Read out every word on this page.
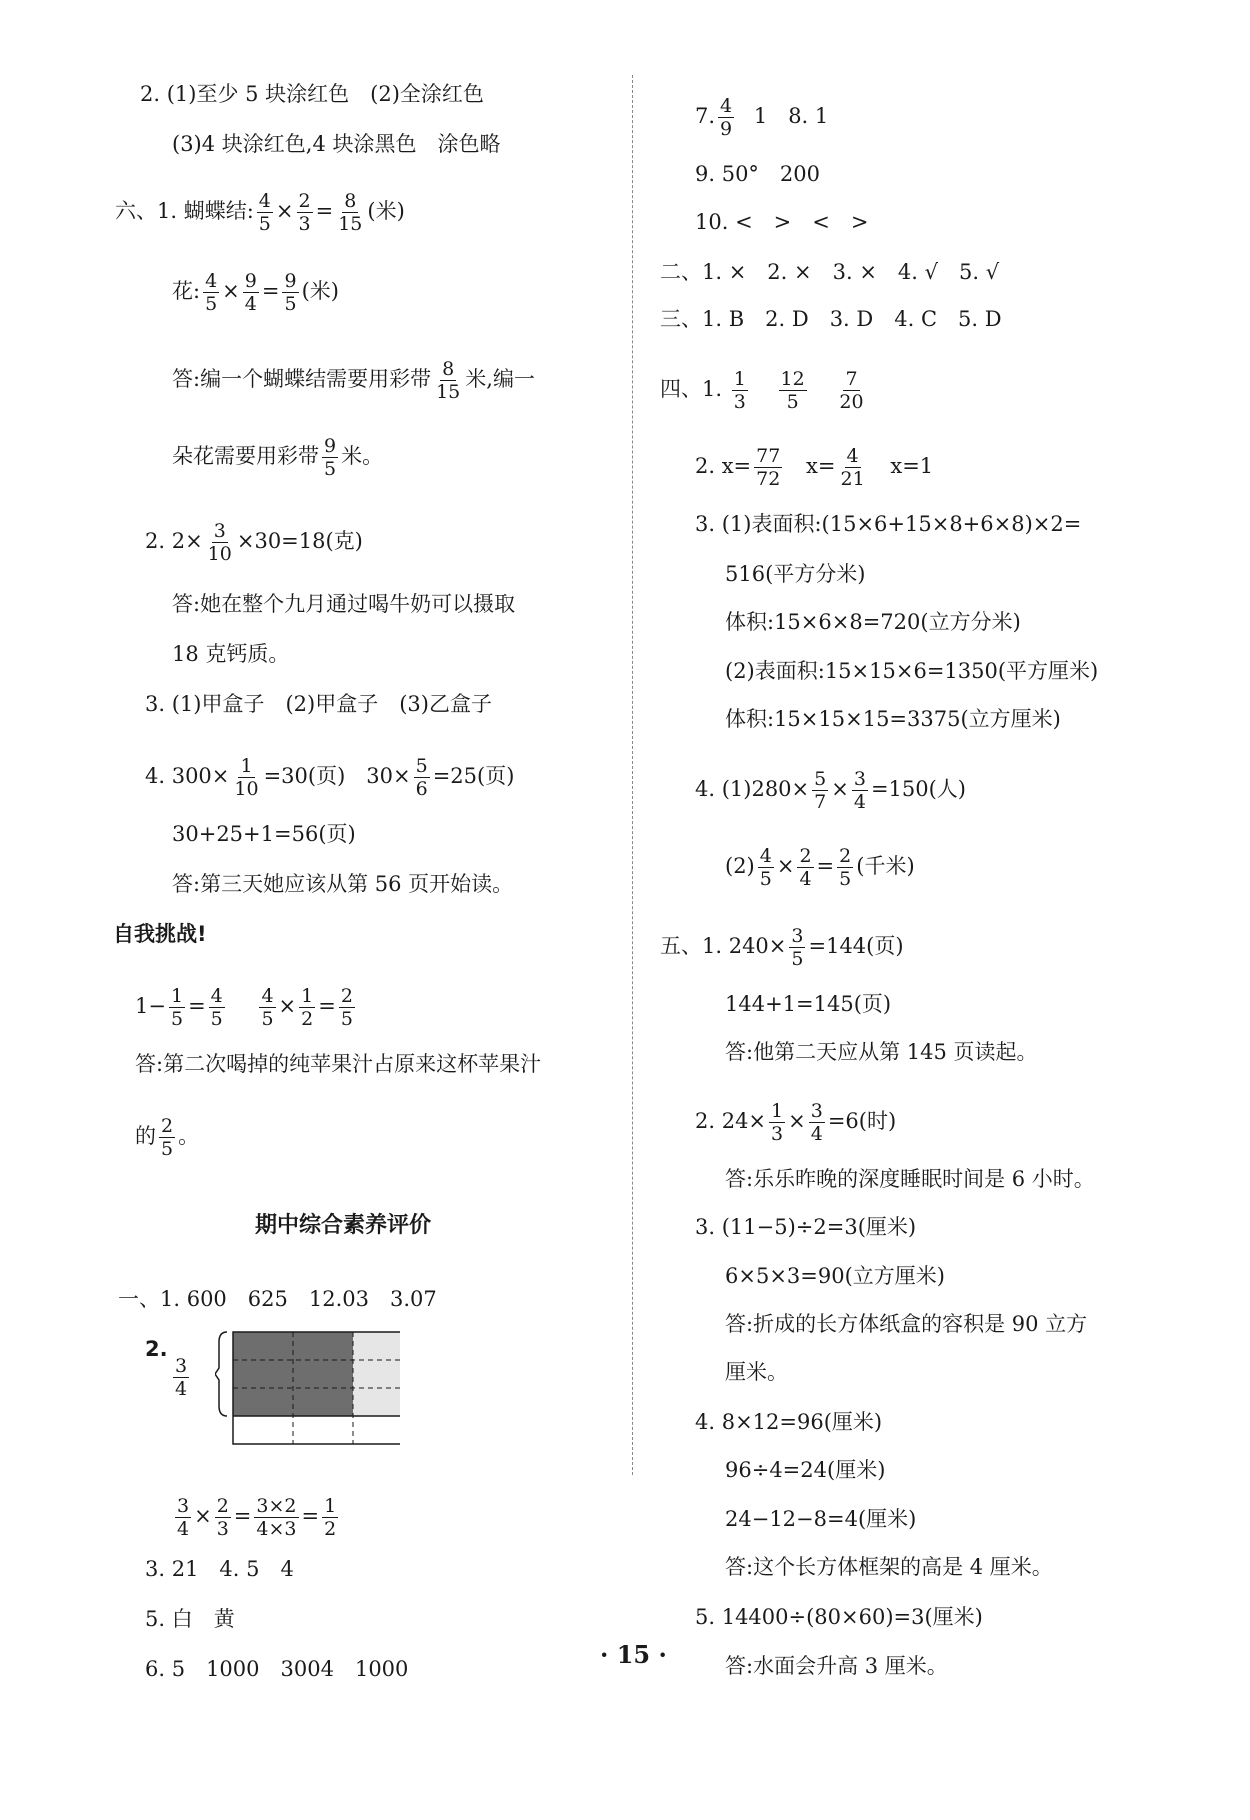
2. (1)至少 5 块涂红色　(2)全涂红色
(3)4 块涂红色,4 块涂黑色　涂色略
六、1. 蝴蝶结: $\frac{4}{5} \times \frac{2}{3} = \frac{8}{15}$ (米)
花: $\frac{4}{5} \times \frac{9}{4} = \frac{9}{5}$ (米)
答:编一个蝴蝶结需要用彩带 $\frac{8}{15}$ 米,编一
朵花需要用彩带 $\frac{9}{5}$ 米。
2. $2\times \frac{3}{10} \times 30=18$(克)
答:她在整个九月通过喝牛奶可以摄取
18 克钙质。
3. (1)甲盒子　(2)甲盒子　(3)乙盒子
4. $300\times \frac{1}{10} =30$(页)　$30\times \frac{5}{6} =25$(页)
30+25+1=56(页)
答:第三天她应该从第 56 页开始读。
自我挑战!
$1- \frac{1}{5} = \frac{4}{5}$
$\frac{4}{5} \times \frac{1}{2} = \frac{2}{5}$
答:第二次喝掉的纯苹果汁占原来这杯苹果汁
的 $\frac{2}{5}$ 。
期中综合素养评价
一、1. 600　625　12.03　3.07
2.
$\frac{3}{4}$
$\frac{3}{4} \times \frac{2}{3} = \frac{3\times 2}{4\times 3} = \frac{1}{2}$
3. 21　4. 5　4
5. 白　黄
6. 5　1000　3004　1000
7. $\frac{4}{9} 1$　8. 1
9. 50°　200
10. <　>　<　>
二、1. ×　2. ×　3. ×　4. √　5. √
三、1. B　2. D　3. D　4. C　5. D
四、1. $\frac{1}{3}$
$\frac{12}{5}$
$\frac{7}{20}$
2. $x= \frac{77}{72} x= \frac{4}{21} x=1$
3. (1)表面积:(15×6+15×8+6×8)×2=
516(平方分米)
体积:15×6×8=720(立方分米)
(2)表面积:15×15×6=1350(平方厘米)
体积:15×15×15=3375(立方厘米)
4. $(1)280\times \frac{5}{7} \times \frac{3}{4} =150$(人)
$(2) \frac{4}{5} \times \frac{2}{4} = \frac{2}{5}$ (千米)
五、1. $240\times \frac{3}{5} =144$(页)
144+1=145(页)
答:他第二天应从第 145 页读起。
2. $24\times \frac{1}{3} \times \frac{3}{4} =6$(时)
答:乐乐昨晚的深度睡眠时间是 6 小时。
3. (11−5)÷2=3(厘米)
6×5×3=90(立方厘米)
答:折成的长方体纸盒的容积是 90 立方
厘米。
4. 8×12=96(厘米)
96÷4=24(厘米)
24−12−8=4(厘米)
答:这个长方体框架的高是 4 厘米。
5. 14400÷(80×60)=3(厘米)
答:水面会升高 3 厘米。
· 15 ·
